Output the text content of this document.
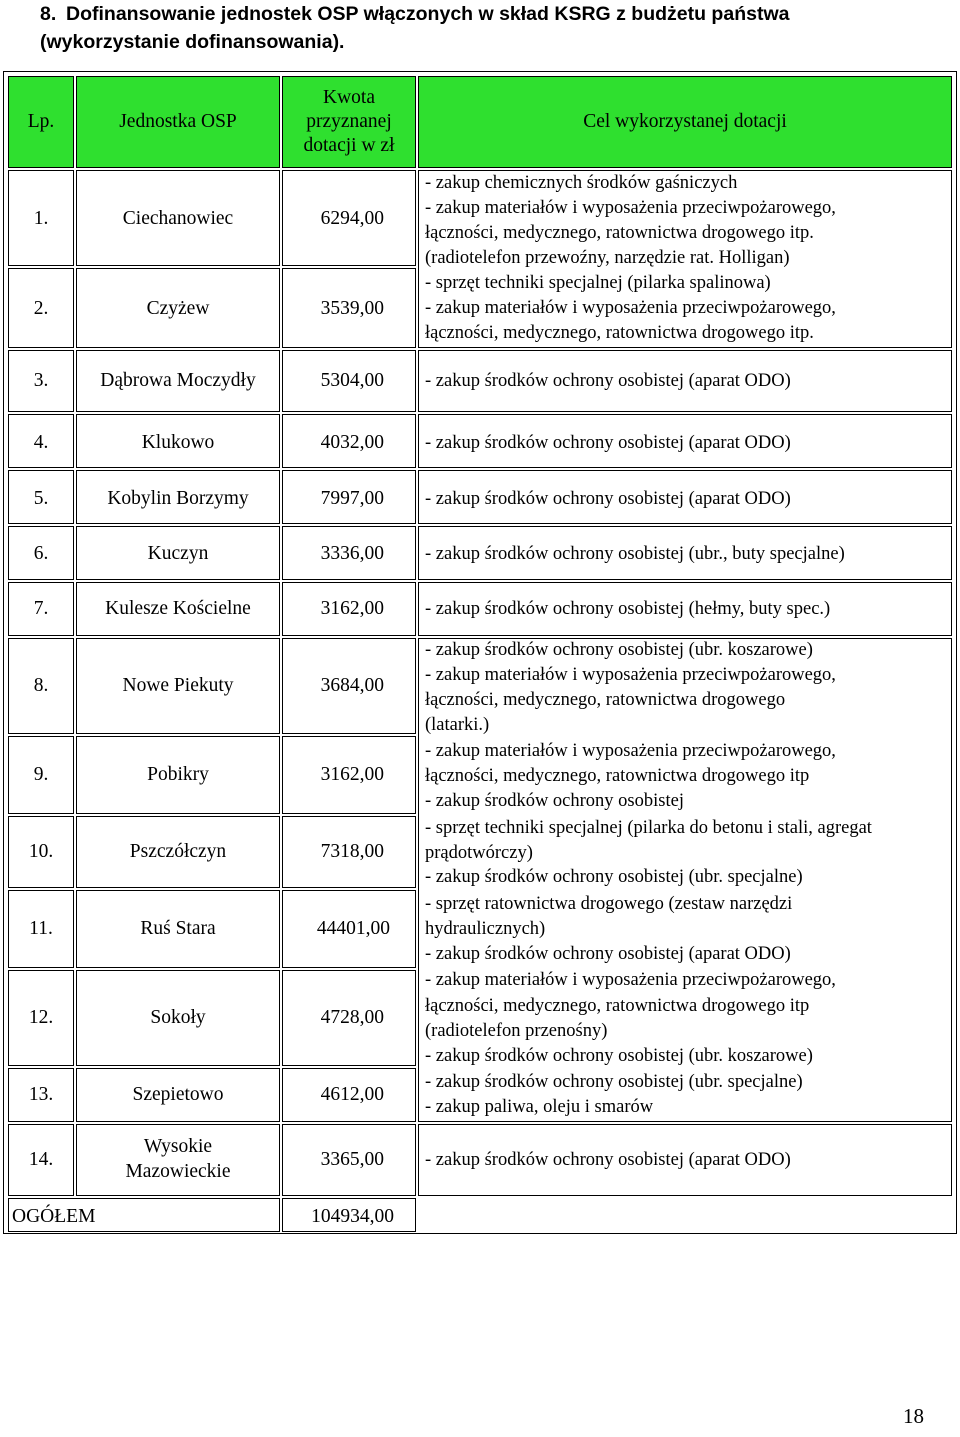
8. Dofinansowanie jednostek OSP włączonych w skład KSRG z budżetu państwa
(wykorzystanie dofinansowania).
Lp.	Jednostka OSP
Kwota
przyznanej
dotacji w zł
Cel wykorzystanej dotacji
1.
2.
3.
4.
5.
6.
7.
8.
9.
10.
11.
12.
13.
14.
Ciechanowiec
Czyżew
Dąbrowa Moczydły
Klukowo
Kobylin Borzymy
Kuczyn
Kulesze Kościelne
Nowe Piekuty
Pobikry
Pszczółczyn
Ruś Stara
Sokoły
Szepietowo
Wysokie
Mazowieckie
6294,00
3539,00
5304,00
4032,00
7997,00
3336,00
3162,00
3684,00
3162,00
7318,00
44401,00
4728,00
4612,00
3365,00
OGÓŁEM	104934,00
- zakup chemicznych środków gaśniczych
- zakup materiałów i wyposażenia przeciwpożarowego,
łączności, medycznego, ratownictwa drogowego itp.
(radiotelefon przewoźny, narzędzie rat. Holligan)
- sprzęt techniki specjalnej (pilarka spalinowa)
- zakup materiałów i wyposażenia przeciwpożarowego,
łączności, medycznego, ratownictwa drogowego itp.
- zakup środków ochrony osobistej (aparat ODO)
- zakup środków ochrony osobistej (aparat ODO)
- zakup środków ochrony osobistej (aparat ODO)
- zakup środków ochrony osobistej (ubr., buty specjalne)
- zakup środków ochrony osobistej (hełmy, buty spec.)
- zakup środków ochrony osobistej (ubr. koszarowe)
- zakup materiałów i wyposażenia przeciwpożarowego,
łączności, medycznego, ratownictwa drogowego
(latarki.)
- zakup materiałów i wyposażenia przeciwpożarowego,
łączności, medycznego, ratownictwa drogowego itp
- zakup środków ochrony osobistej
- sprzęt techniki specjalnej (pilarka do betonu i stali, agregat
prądotwórczy)
- zakup środków ochrony osobistej (ubr. specjalne)
- sprzęt ratownictwa drogowego (zestaw narzędzi
hydraulicznych)
- zakup środków ochrony osobistej (aparat ODO)
- zakup materiałów i wyposażenia przeciwpożarowego,
łączności, medycznego, ratownictwa drogowego itp
(radiotelefon przenośny)
- zakup środków ochrony osobistej (ubr. koszarowe)
- zakup środków ochrony osobistej (ubr. specjalne)
- zakup paliwa, oleju i smarów
- zakup środków ochrony osobistej (aparat ODO)
18
